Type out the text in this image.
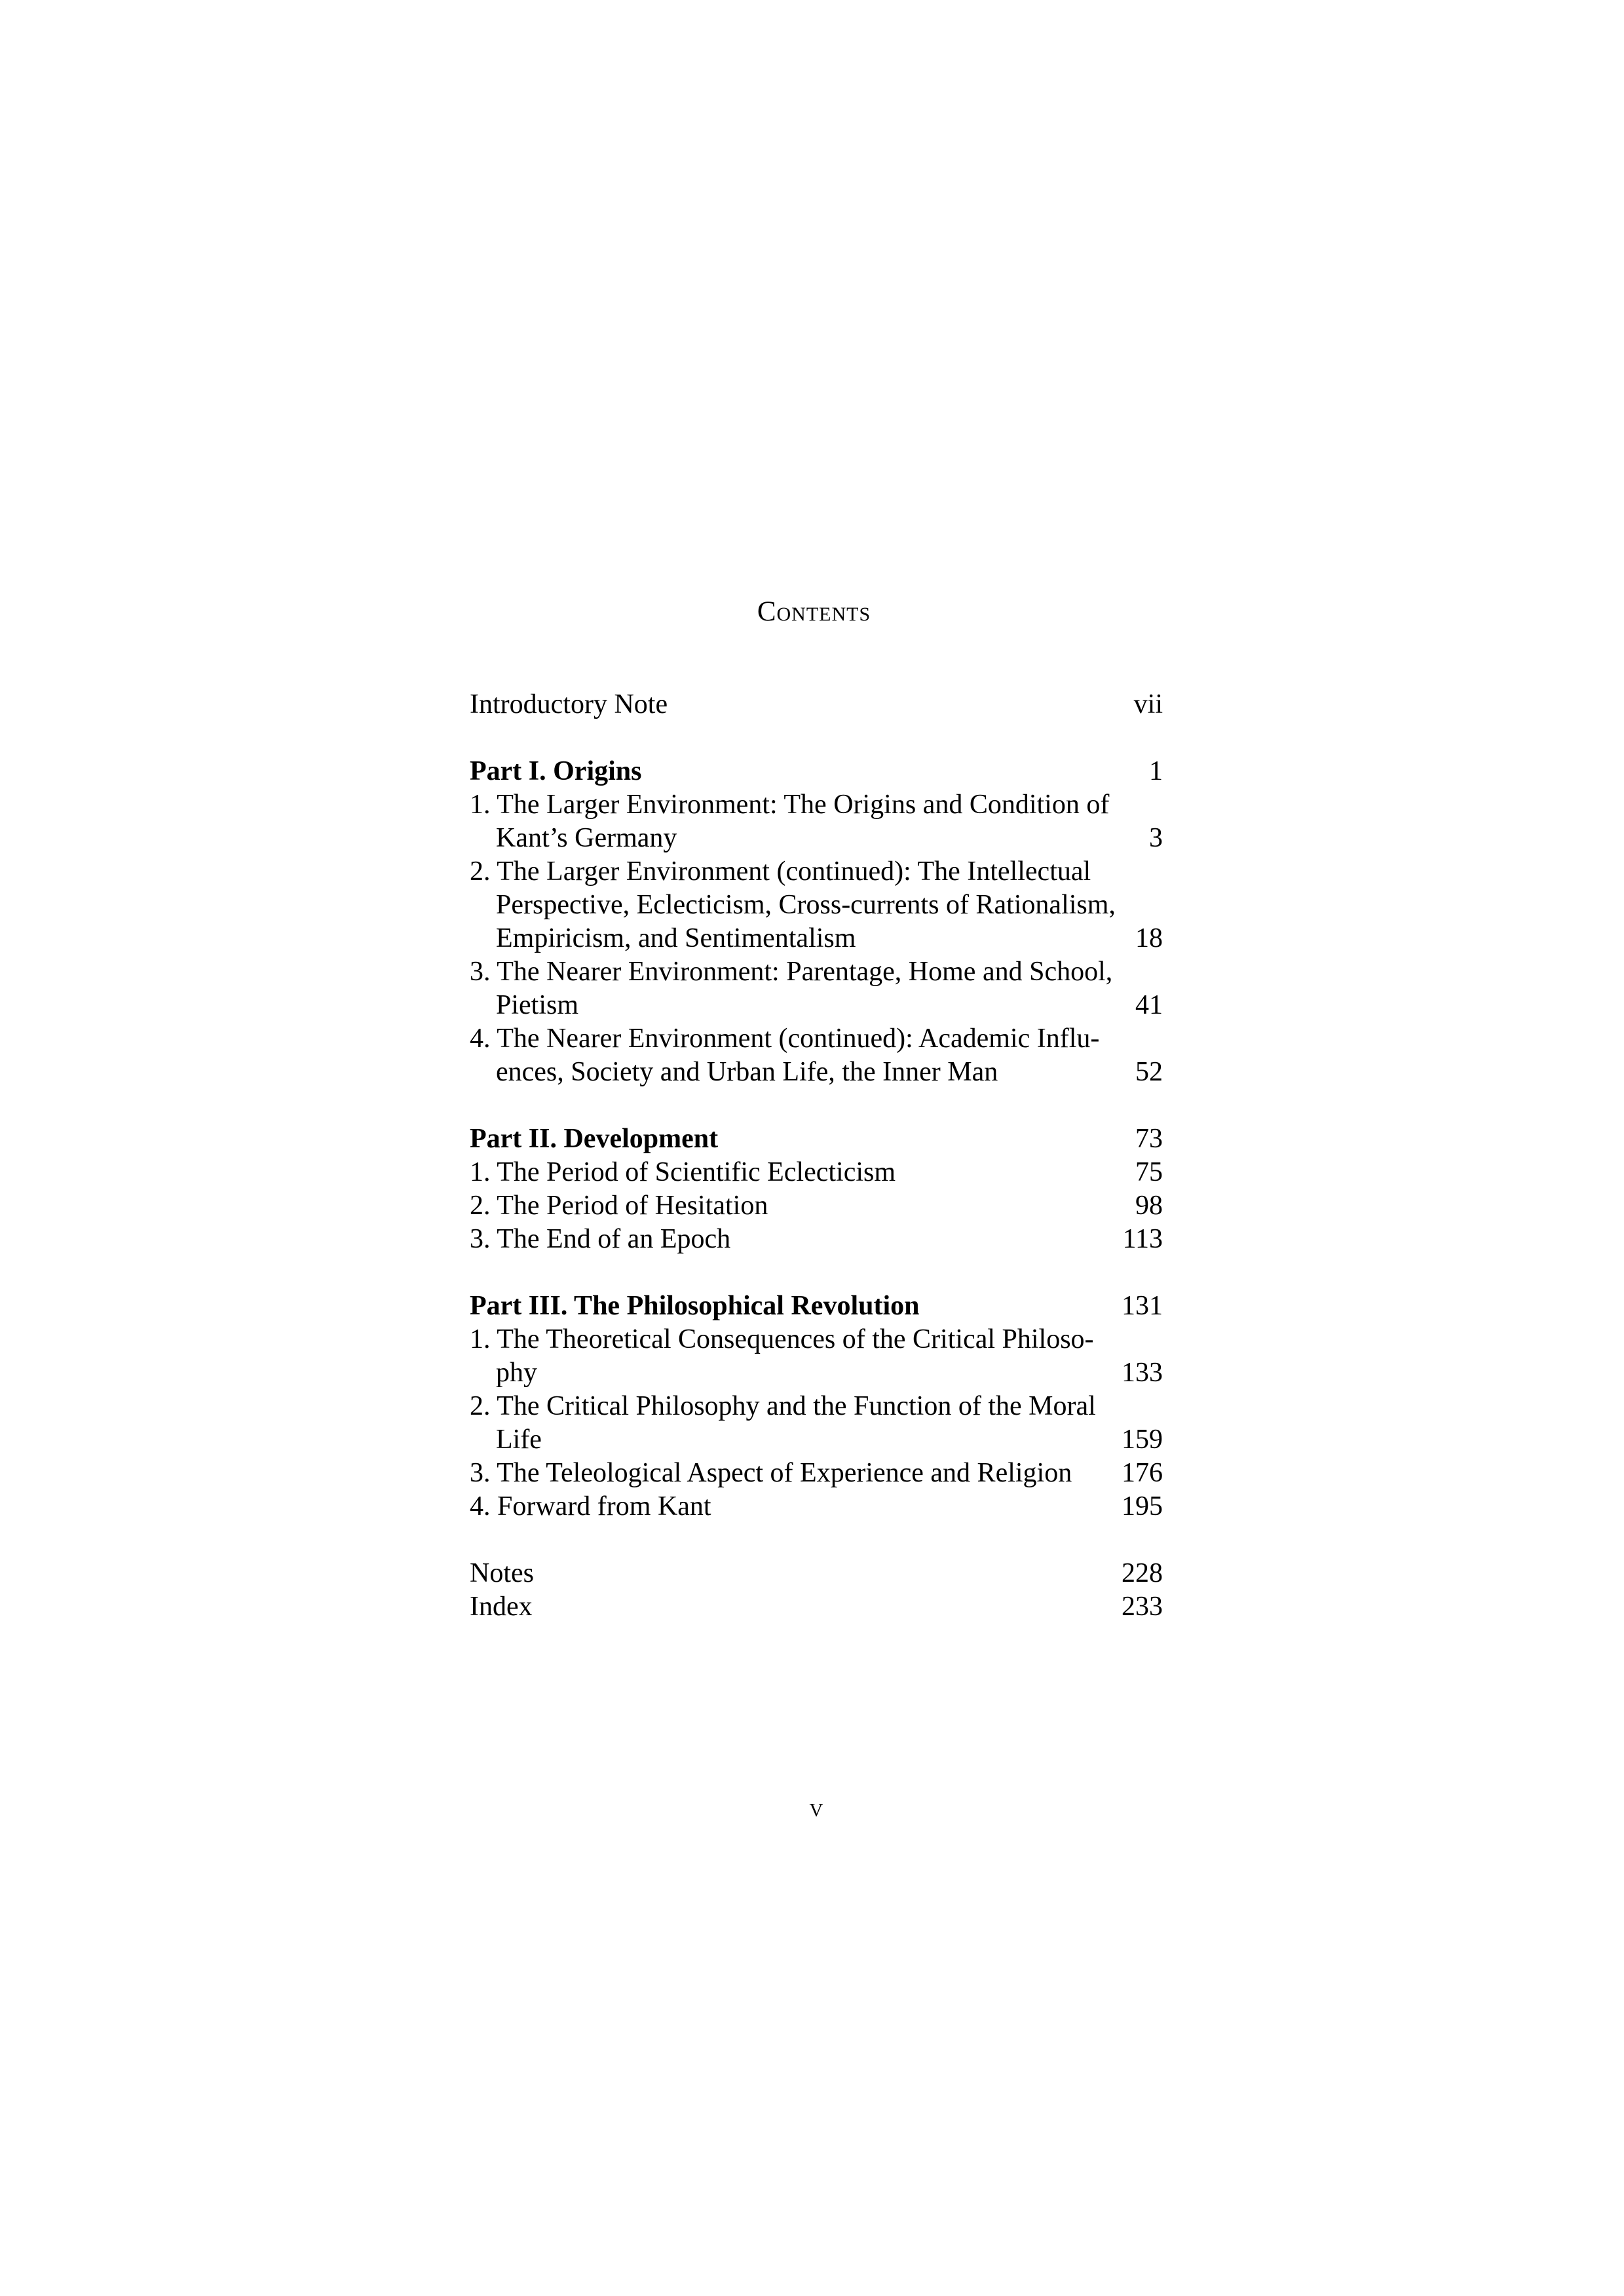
Contents
Introductory Note	vii
Part I. Origins	1
1. The Larger Environment: The Origins and Condition of
Kant’s Germany	3
2. The Larger Environment (continued): The Intellectual
Perspective, Eclecticism, Cross-currents of Rationalism,
Empiricism, and Sentimentalism	18
3. The Nearer Environment: Parentage, Home and School,
Pietism	41
4. The Nearer Environment (continued): Academic Influ-
ences, Society and Urban Life, the Inner Man	52
Part II. Development	73
1. The Period of Scientific Eclecticism	75
2. The Period of Hesitation	98
3. The End of an Epoch	113
Part III. The Philosophical Revolution	131
1. The Theoretical Consequences of the Critical Philoso-
phy	133
2. The Critical Philosophy and the Function of the Moral
Life	159
3. The Teleological Aspect of Experience and Religion	176
4. Forward from Kant	195
Notes	228
Index	233
v
